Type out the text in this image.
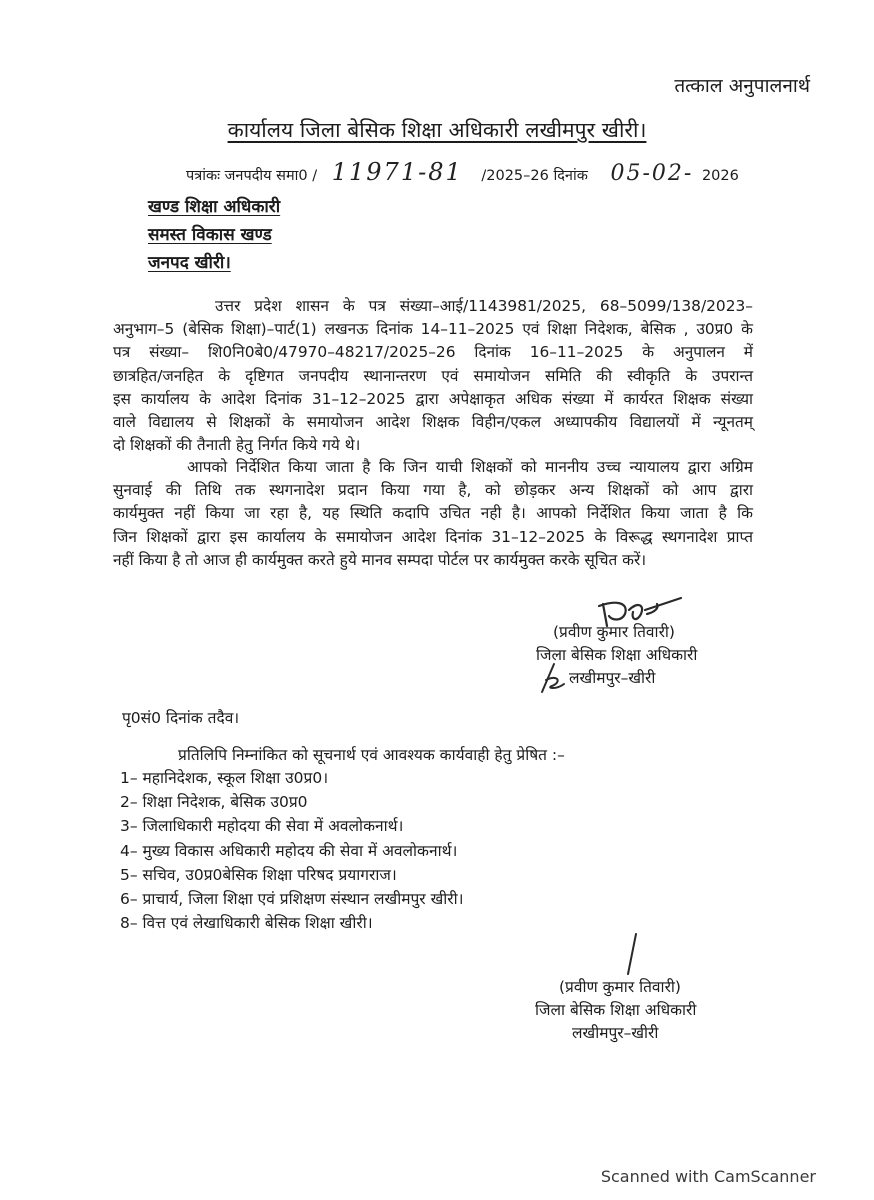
तत्काल अनुपालनार्थ
कार्यालय जिला बेसिक शिक्षा अधिकारी लखीमपुर खीरी।
पत्रांकः जनपदीय समा0 / 11971-81 /2025–26 दिनांक 05-02- 2026
खण्ड शिक्षा अधिकारी
समस्त विकास खण्ड
जनपद खीरी।
उत्तर प्रदेश शासन के पत्र संख्या–आई/1143981/2025, 68–5099/138/2023–
अनुभाग–5 (बेसिक शिक्षा)–पार्ट(1) लखनऊ दिनांक 14–11–2025 एवं शिक्षा निदेशक, बेसिक , उ0प्र0 के
पत्र संख्या– शि0नि0बे0/47970–48217/2025–26 दिनांक 16–11–2025 के अनुपालन में
छात्रहित/जनहित के दृष्टिगत जनपदीय स्थानान्तरण एवं समायोजन समिति की स्वीकृति के उपरान्त
इस कार्यालय के आदेश दिनांक 31–12–2025 द्वारा अपेक्षाकृत अधिक संख्या में कार्यरत शिक्षक संख्या
वाले विद्यालय से शिक्षकों के समायोजन आदेश शिक्षक विहीन/एकल अध्यापकीय विद्यालयों में न्यूनतम्
दो शिक्षकों की तैनाती हेतु निर्गत किये गये थे।
आपको निर्देशित किया जाता है कि जिन याची शिक्षकों को माननीय उच्च न्यायालय द्वारा अग्रिम
सुनवाई की तिथि तक स्थगनादेश प्रदान किया गया है, को छोड़कर अन्य शिक्षकों को आप द्वारा
कार्यमुक्त नहीं किया जा रहा है, यह स्थिति कदापि उचित नही है। आपको निर्देशित किया जाता है कि
जिन शिक्षकों द्वारा इस कार्यालय के समायोजन आदेश दिनांक 31–12–2025 के विरूद्ध स्थगनादेश प्राप्त
नहीं किया है तो आज ही कार्यमुक्त करते हुये मानव सम्पदा पोर्टल पर कार्यमुक्त करके सूचित करें।
(प्रवीण कुमार तिवारी)
जिला बेसिक शिक्षा अधिकारी
लखीमपुर–खीरी
पृ0सं0 दिनांक तदैव।
प्रतिलिपि निम्नांकित को सूचनार्थ एवं आवश्यक कार्यवाही हेतु प्रेषित :–
1– महानिदेशक, स्कूल शिक्षा उ0प्र0।
2– शिक्षा निदेशक, बेसिक उ0प्र0
3– जिलाधिकारी महोदया की सेवा में अवलोकनार्थ।
4– मुख्य विकास अधिकारी महोदय की सेवा में अवलोकनार्थ।
5– सचिव, उ0प्र0बेसिक शिक्षा परिषद प्रयागराज।
6– प्राचार्य, जिला शिक्षा एवं प्रशिक्षण संस्थान लखीमपुर खीरी।
8– वित्त एवं लेखाधिकारी बेसिक शिक्षा खीरी।
(प्रवीण कुमार तिवारी)
जिला बेसिक शिक्षा अधिकारी
लखीमपुर–खीरी
Scanned with CamScanner
